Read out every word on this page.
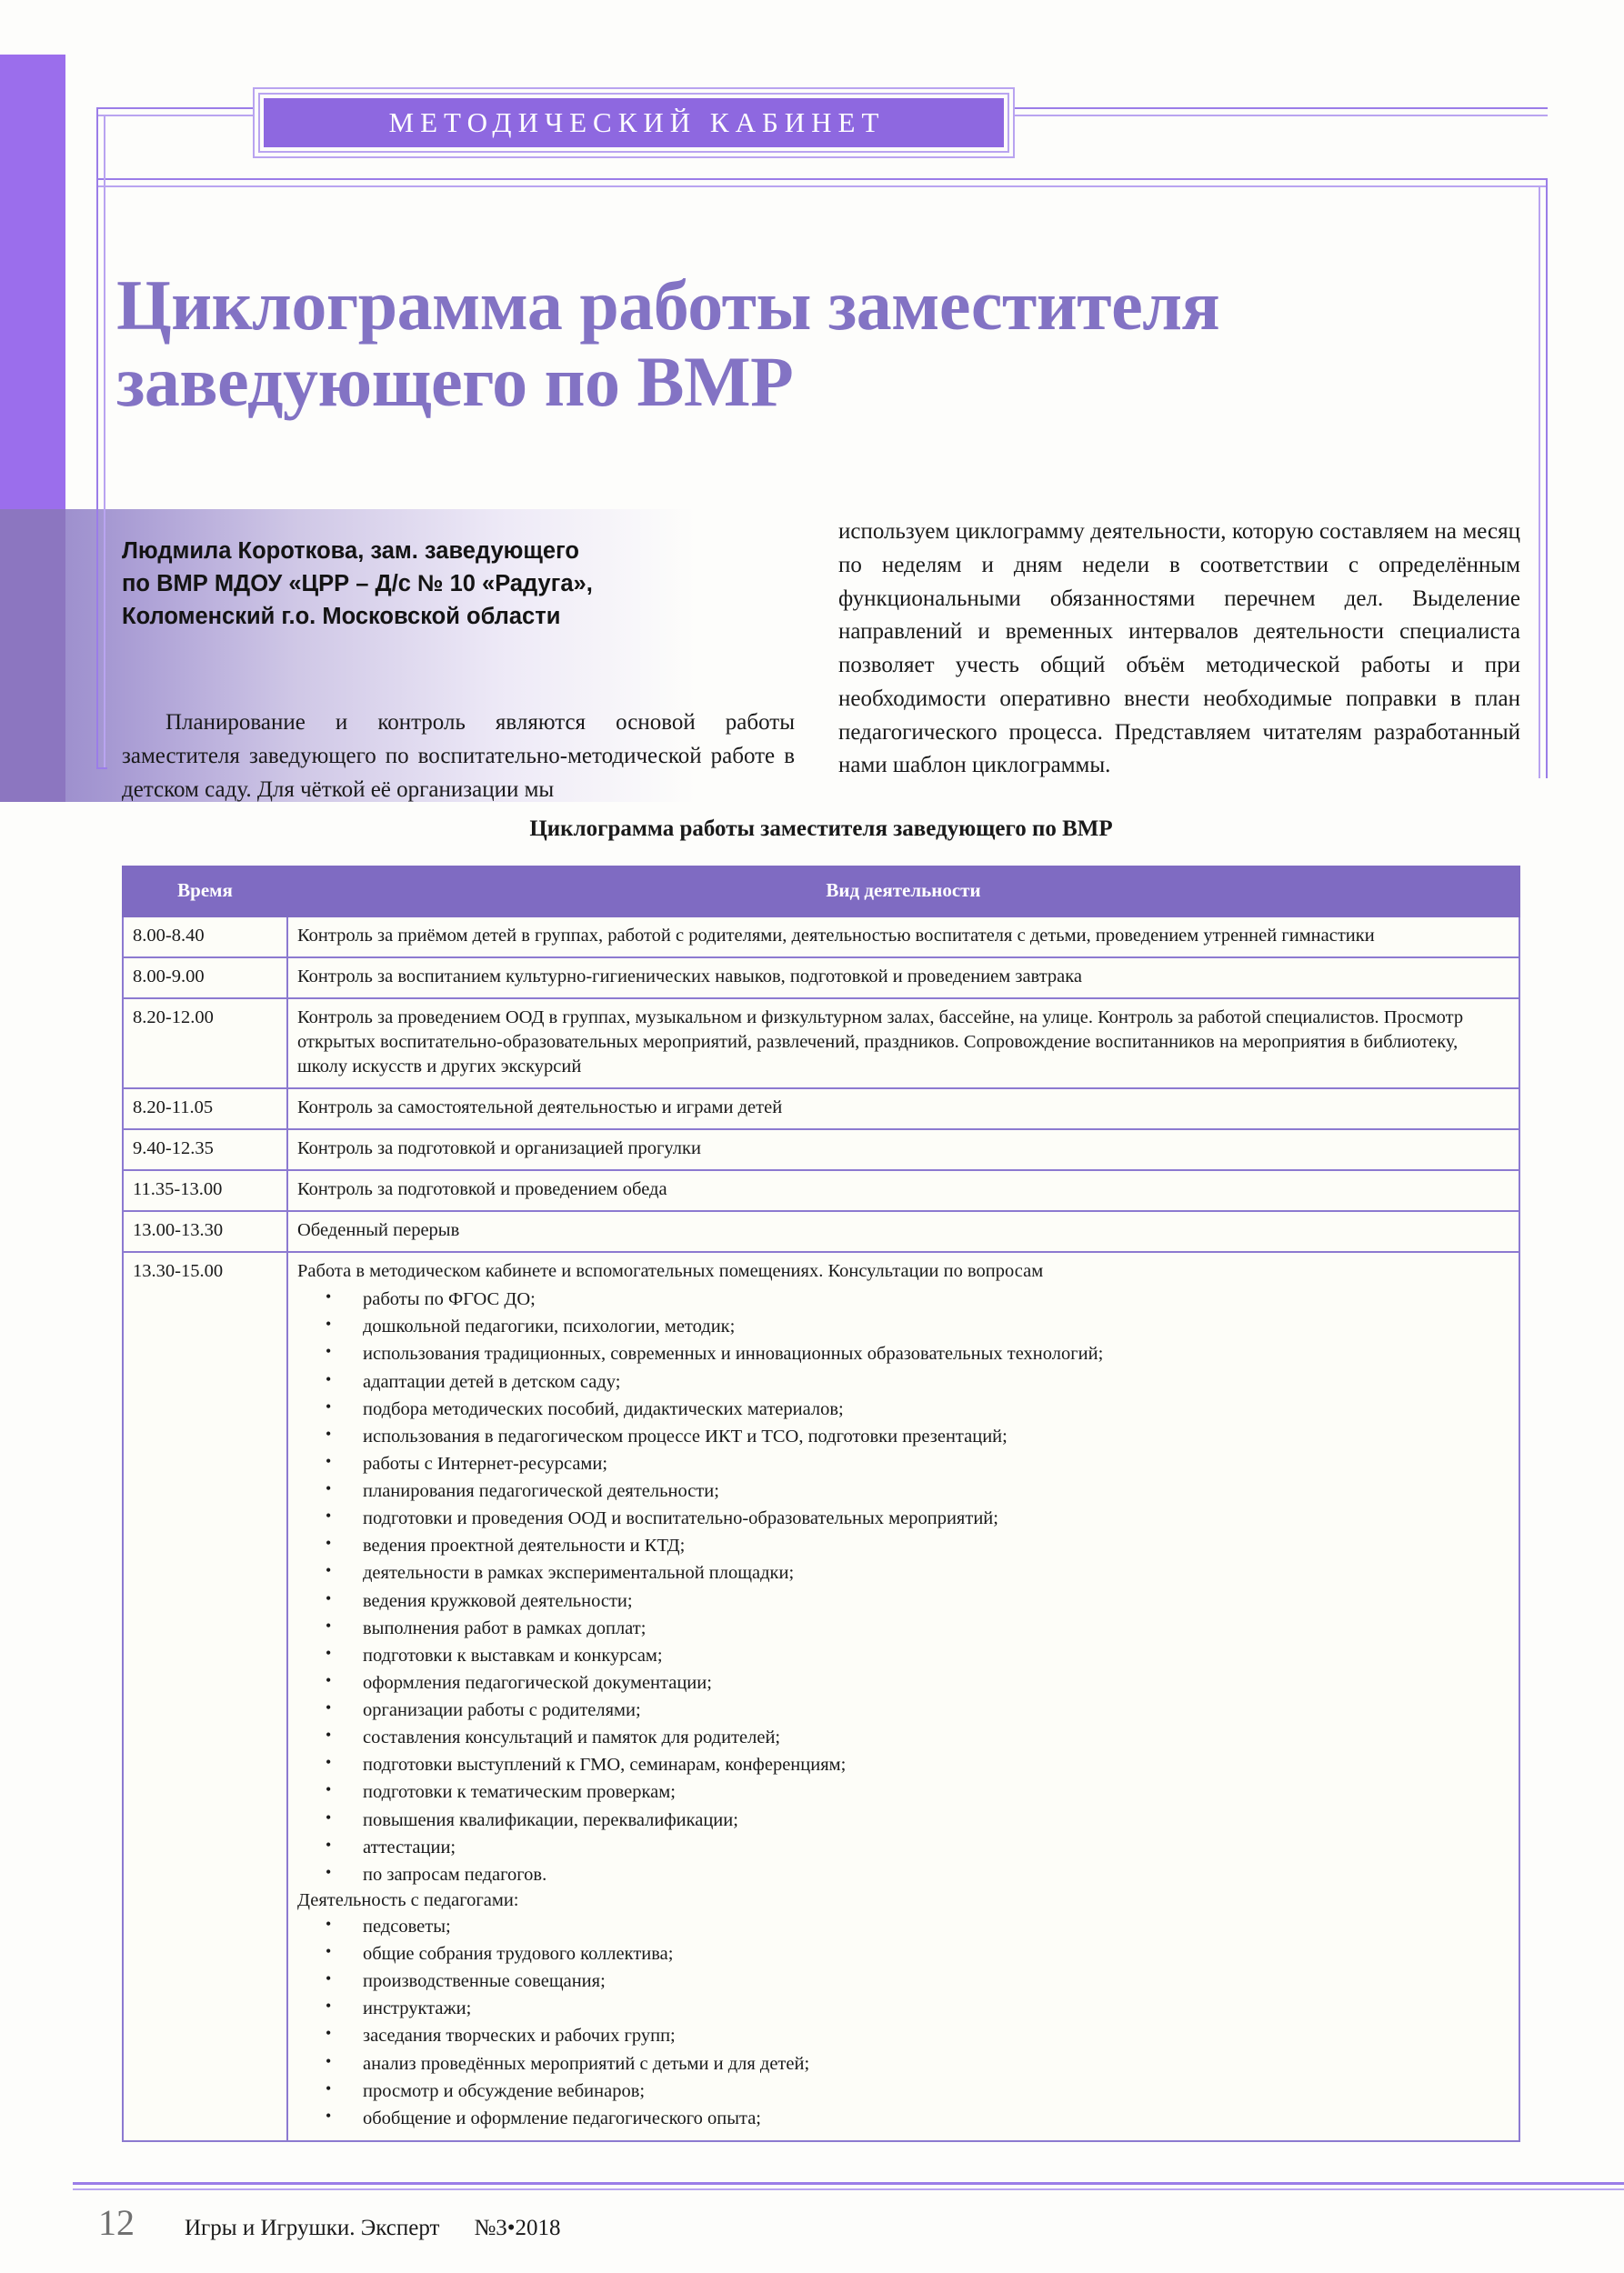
МЕТОДИЧЕСКИЙ КАБИНЕТ
Циклограмма работы заместителя
заведующего по ВМР
Людмила Короткова, зам. заведующего
по ВМР МДОУ «ЦРР – Д/с № 10 «Радуга»,
Коломенский г.о. Московской области

Планирование и контроль являются основой работы заместителя заведующего по воспитательно-методической работе в детском саду. Для чёткой её организации мы

используем циклограмму деятельности, которую составляем на месяц по неделям и дням недели в соответствии с определённым функциональными обязанностями перечнем дел. Выделение направлений и временных интервалов деятельности специалиста позволяет учесть общий объём методической работы и при необходимости оперативно внести необходимые поправки в план педагогического процесса. Представляем читателям разработанный нами шаблон циклограммы.

Циклограмма работы заместителя заведующего по ВМР
Время	Вид деятельности
8.00-8.40	Контроль за приёмом детей в группах, работой с родителями, деятельностью воспитателя с детьми, проведением утренней гимнастики
8.00-9.00	Контроль за воспитанием культурно-гигиенических навыков, подготовкой и проведением завтрака
8.20-12.00	Контроль за проведением ООД в группах, музыкальном и физкультурном залах, бассейне, на улице. Контроль за работой специалистов. Просмотр открытых воспитательно-образовательных мероприятий, развлечений, праздников. Сопровождение воспитанников на мероприятия в библиотеку, школу искусств и других экскурсий
8.20-11.05	Контроль за самостоятельной деятельностью и играми детей
9.40-12.35	Контроль за подготовкой и организацией прогулки
11.35-13.00	Контроль за подготовкой и проведением обеда
13.00-13.30	Обеденный перерыв
13.30-15.00	Работа в методическом кабинете и вспомогательных помещениях. Консультации по вопросам

• работы по ФГОС ДО;
• дошкольной педагогики, психологии, методик;
• использования традиционных, современных и инновационных образовательных технологий;
• адаптации детей в детском саду;
• подбора методических пособий, дидактических материалов;
• использования в педагогическом процессе ИКТ и ТСО, подготовки презентаций;
• работы с Интернет-ресурсами;
• планирования педагогической деятельности;
• подготовки и проведения ООД и воспитательно-образовательных мероприятий;
• ведения проектной деятельности и КТД;
• деятельности в рамках экспериментальной площадки;
• ведения кружковой деятельности;
• выполнения работ в рамках доплат;
• подготовки к выставкам и конкурсам;
• оформления педагогической документации;
• организации работы с родителями;
• составления консультаций и памяток для родителей;
• подготовки выступлений к ГМО, семинарам, конференциям;
• подготовки к тематическим проверкам;
• повышения квалификации, переквалификации;
• аттестации;
• по запросам педагогов.

Деятельность с педагогами:

• педсоветы;
• общие собрания трудового коллектива;
• производственные совещания;
• инструктажи;
• заседания творческих и рабочих групп;
• анализ проведённых мероприятий с детьми и для детей;
• просмотр и обсуждение вебинаров;
• обобщение и оформление педагогического опыта;
12	Игры и Игрушки. Эксперт №3•2018
